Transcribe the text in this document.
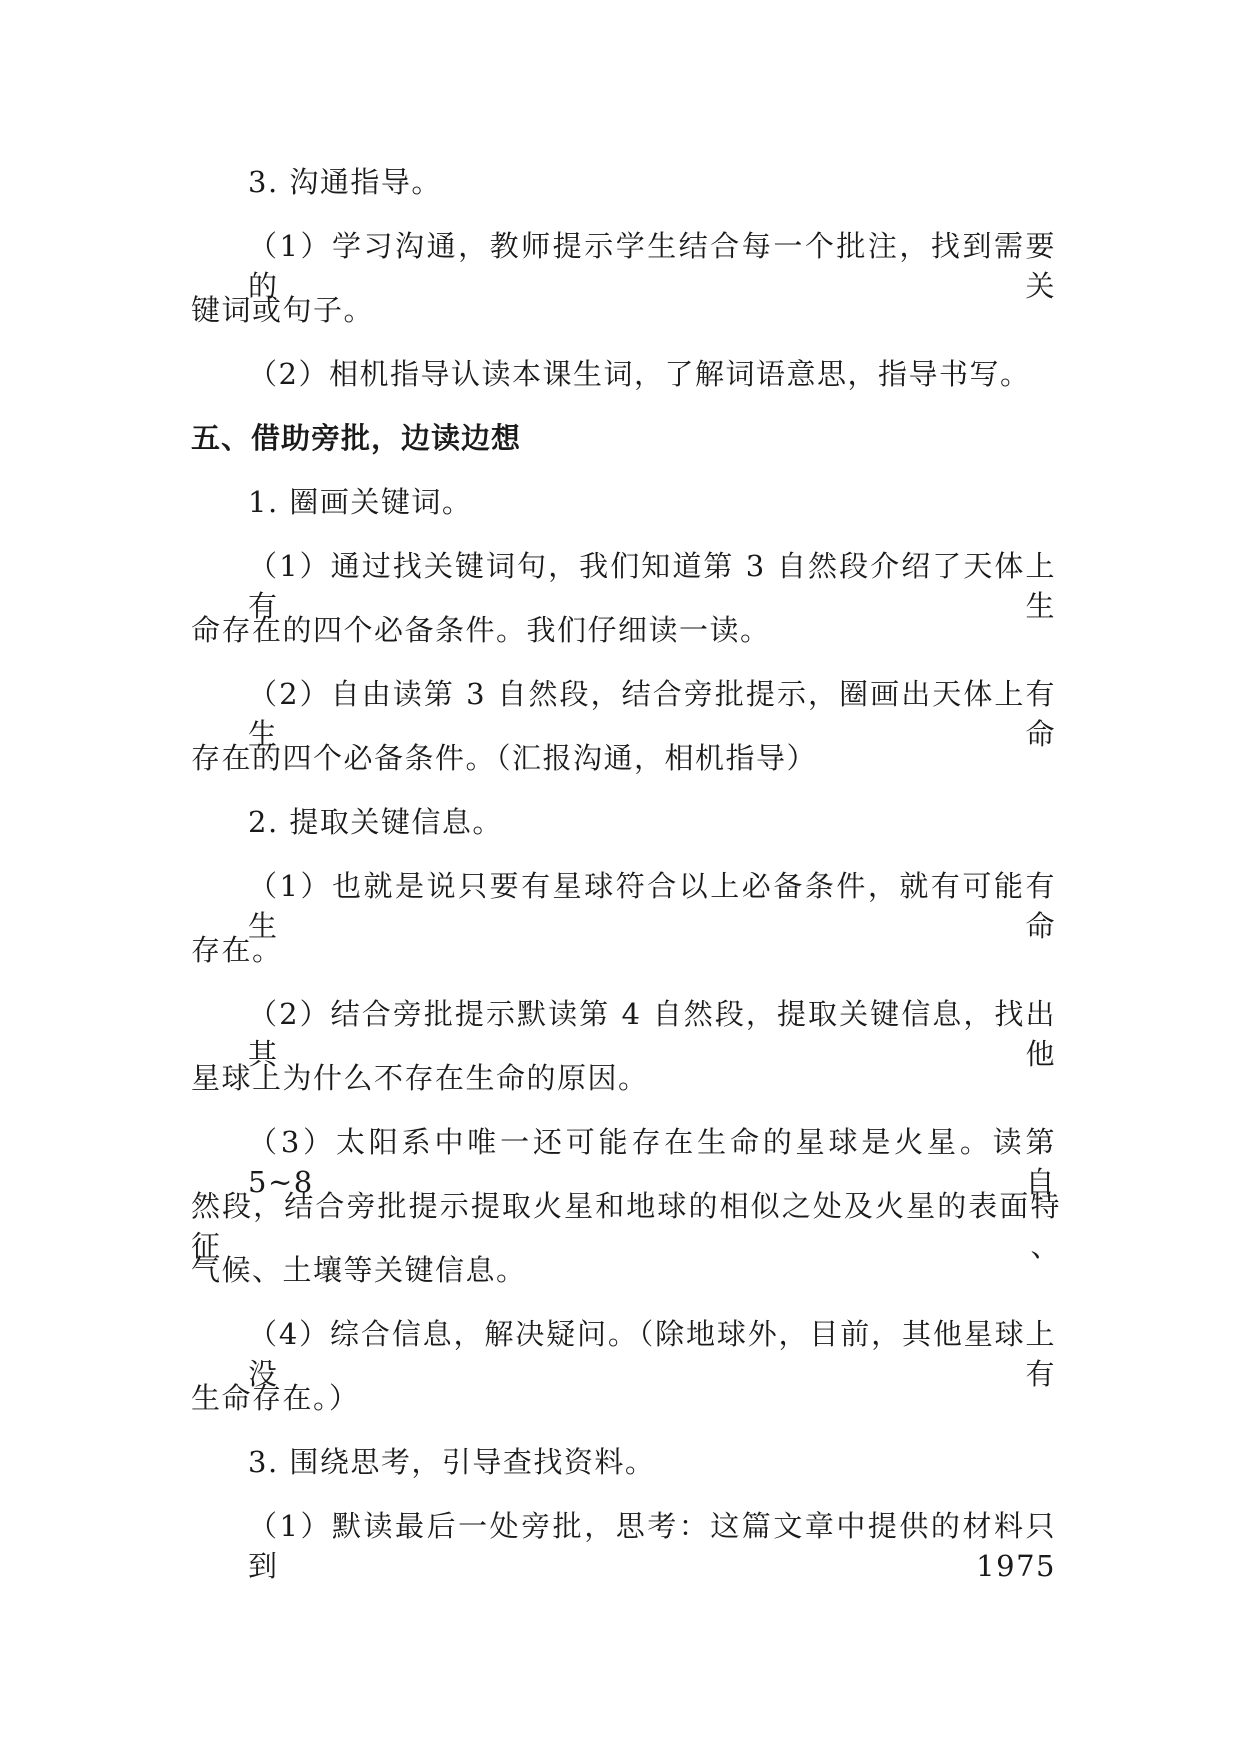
3. 沟通指导。
（1）学习沟通，教师提示学生结合每一个批注，找到需要的关
键词或句子。
（2）相机指导认读本课生词，了解词语意思，指导书写。
五、借助旁批，边读边想
1. 圈画关键词。
（1）通过找关键词句，我们知道第 3 自然段介绍了天体上有生
命存在的四个必备条件。我们仔细读一读。
（2）自由读第 3 自然段，结合旁批提示，圈画出天体上有生命
存在的四个必备条件。（汇报沟通，相机指导）
2. 提取关键信息。
（1）也就是说只要有星球符合以上必备条件，就有可能有生命
存在。
（2）结合旁批提示默读第 4 自然段，提取关键信息，找出其他
星球上为什么不存在生命的原因。
（3）太阳系中唯一还可能存在生命的星球是火星。读第 5~8 自
然段，结合旁批提示提取火星和地球的相似之处及火星的表面特征、
气候、土壤等关键信息。
（4）综合信息，解决疑问。（除地球外，目前，其他星球上没有
生命存在。）
3. 围绕思考，引导查找资料。
（1）默读最后一处旁批，思考：这篇文章中提供的材料只到 1975
